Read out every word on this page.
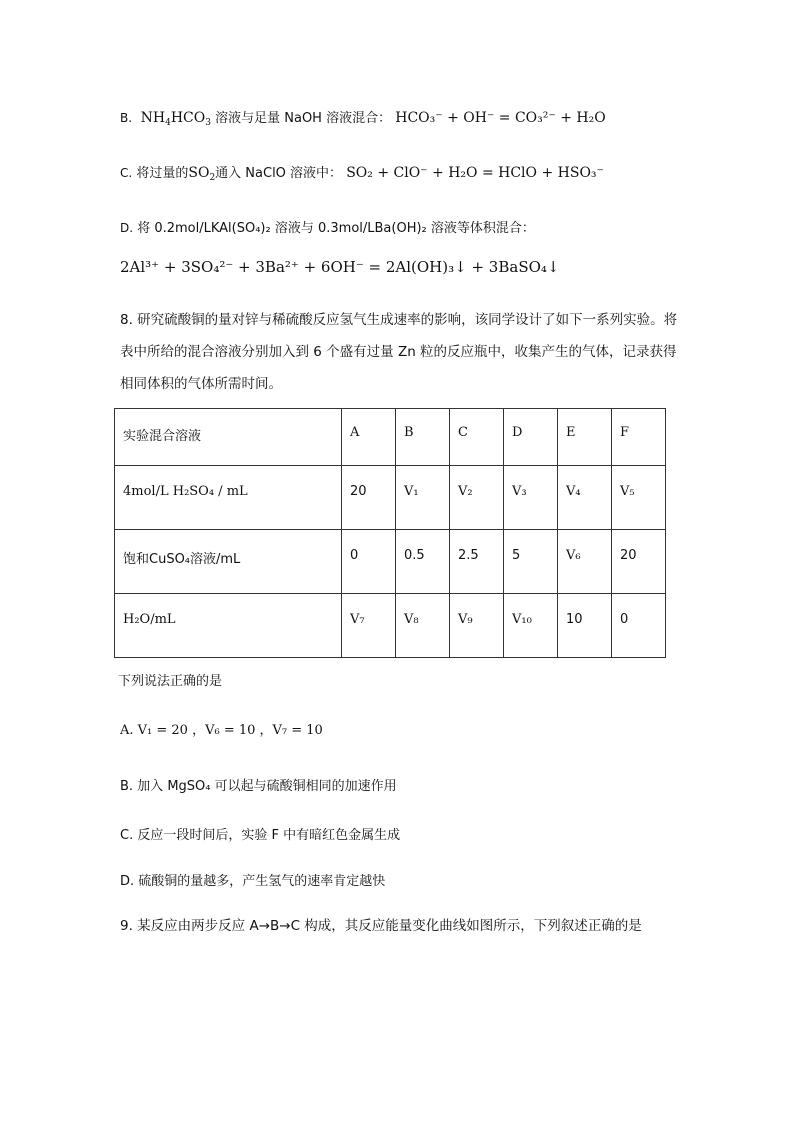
B.  $NH_4HCO_3$ 溶液与足量 NaOH 溶液混合： HCO₃⁻ + OH⁻ = CO₃²⁻ + H₂O
C. 将过量的$SO_2$通入 NaClO 溶液中： SO₂ + ClO⁻ + H₂O = HClO + HSO₃⁻
D. 将 0.2mol/LKAl(SO₄)₂ 溶液与 0.3mol/LBa(OH)₂ 溶液等体积混合：
2Al³⁺ + 3SO₄²⁻ + 3Ba²⁺ + 6OH⁻ = 2Al(OH)₃↓ + 3BaSO₄↓
8. 研究硫酸铜的量对锌与稀硫酸反应氢气生成速率的影响，该同学设计了如下一系列实验。将表中所给的混合溶液分别加入到 6 个盛有过量 Zn 粒的反应瓶中，收集产生的气体，记录获得相同体积的气体所需时间。
实验混合溶液	A	B	C	D	E	F

4mol/L H₂SO₄ / mL	20	V₁	V₂	V₃	V₄	V₅

饱和CuSO₄溶液/mL	0	0.5	2.5	5	V₆	20

H₂O/mL	V₇	V₈	V₉	V₁₀	10	0
下列说法正确的是
A. V₁ = 20 ，V₆ = 10 ，V₇ = 10
B. 加入 MgSO₄ 可以起与硫酸铜相同的加速作用
C. 反应一段时间后，实验 F 中有暗红色金属生成
D. 硫酸铜的量越多，产生氢气的速率肯定越快
9. 某反应由两步反应 A→B→C 构成，其反应能量变化曲线如图所示，下列叙述正确的是
